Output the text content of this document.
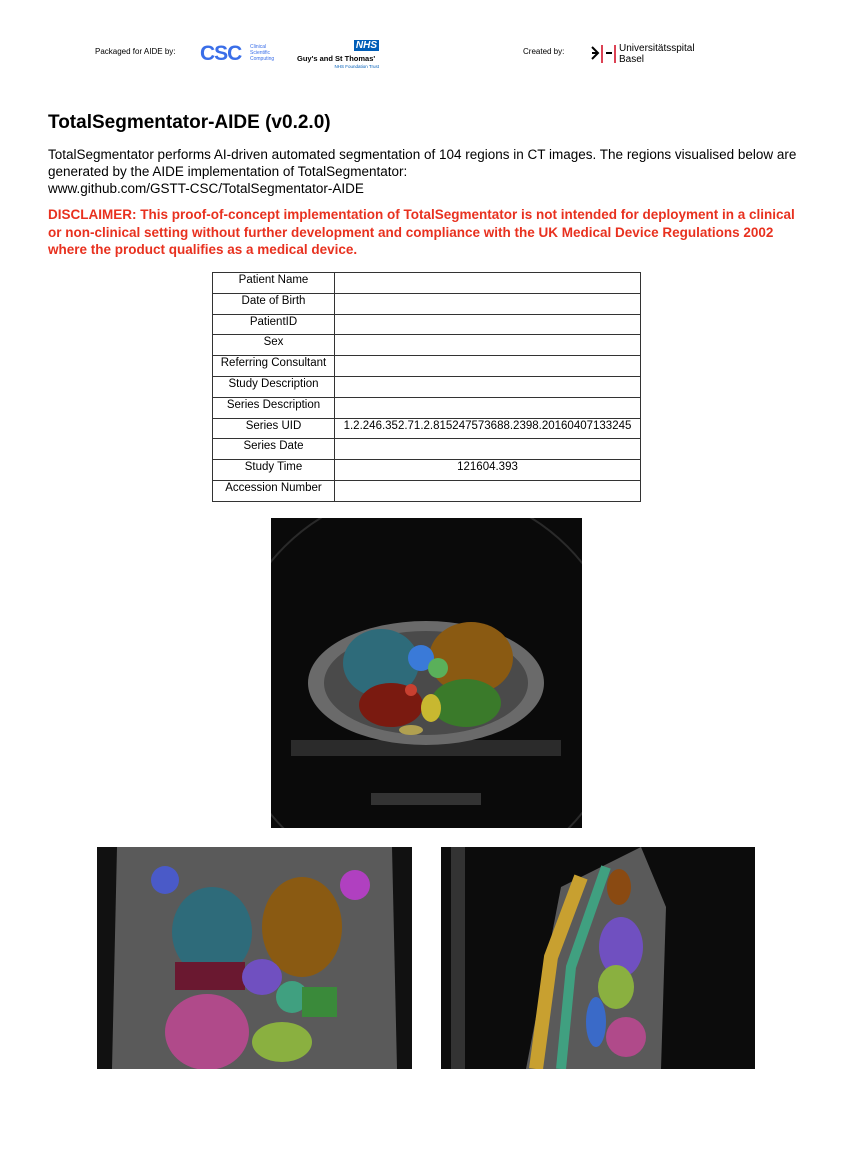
Packaged for AIDE by: CSC Clinical
Scientific
Computing
NHS
Guy's and St Thomas'
NHS Foundation Trust
Created by:	Universitätsspital
Basel
TotalSegmentator-AIDE (v0.2.0)
TotalSegmentator performs AI-driven automated segmentation of 104 regions in CT images. The regions visualised below are generated by the AIDE implementation of TotalSegmentator:
www.github.com/GSTT-CSC/TotalSegmentator-AIDE
DISCLAIMER: This proof-of-concept implementation of TotalSegmentator is not intended for deployment in a clinical or non-clinical setting without further development and compliance with the UK Medical Device Regulations 2002 where the product qualifies as a medical device.
Patient Name	
Date of Birth	
PatientID	
Sex	
Referring Consultant	
Study Description	
Series Description	
Series UID	1.2.246.352.71.2.815247573688.2398.20160407133245
Series Date	
Study Time	121604.393
Accession Number	
